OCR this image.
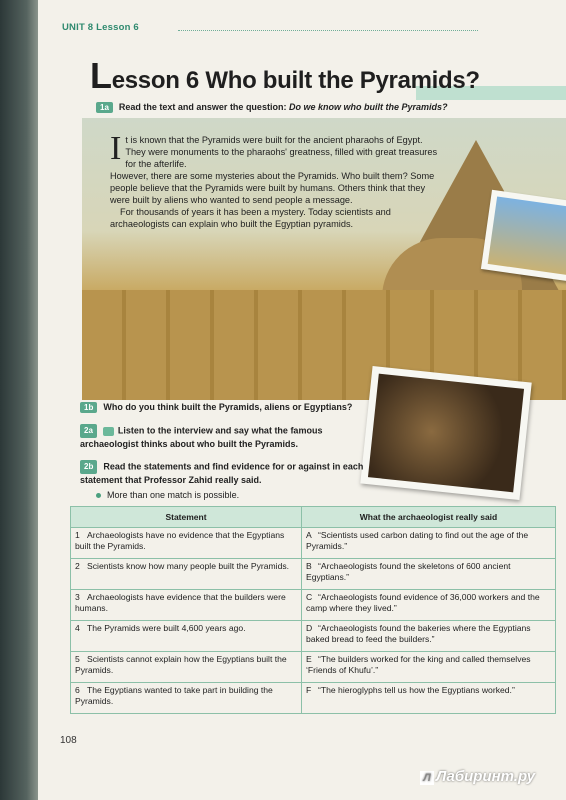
UNIT 8 Lesson 6
Lesson 6 Who built the Pyramids?
1a Read the text and answer the question: Do we know who built the Pyramids?
I t is known that the Pyramids were built for the ancient pharaohs of Egypt. They were monuments to the pharaohs' greatness, filled with great treasures for the afterlife.

However, there are some mysteries about the Pyramids. Who built them? Some people believe that the Pyramids were built by humans. Others think that they were built by aliens who wanted to send people a message.

For thousands of years it has been a mystery. Today scientists and archaeologists can explain who built the Egyptian pyramids.

1b Who do you think built the Pyramids, aliens or Egyptians?
2a	Listen to the interview and say what the famous archaeologist thinks about who built the Pyramids.
2b Read the statements and find evidence for or against in each statement that Professor Zahid really said.
More than one match is possible.
Statement	What the archaeologist really said
1 Archaeologists have no evidence that the Egyptians built the Pyramids.	A “Scientists used carbon dating to find out the age of the Pyramids.”
2 Scientists know how many people built the Pyramids.	B “Archaeologists found the skeletons of 600 ancient Egyptians.”
3 Archaeologists have evidence that the builders were humans.	C “Archaeologists found evidence of 36,000 workers and the camp where they lived.”
4 The Pyramids were built 4,600 years ago.	D “Archaeologists found the bakeries where the Egyptians baked bread to feed the builders.”
5 Scientists cannot explain how the Egyptians built the Pyramids.	E “The builders worked for the king and called themselves ‘Friends of Khufu’.”
6 The Egyptians wanted to take part in building the Pyramids.	F “The hieroglyphs tell us how the Egyptians worked.”
108
Л Лабиринт.ру
